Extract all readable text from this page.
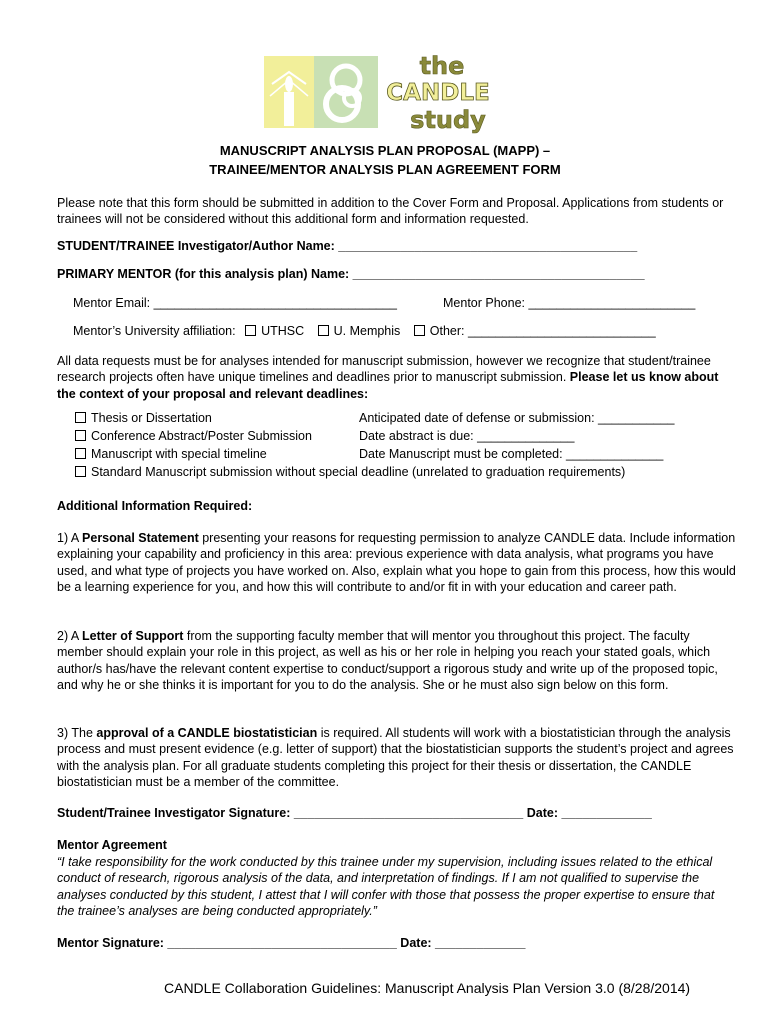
the
CANDLE
study
MANUSCRIPT ANALYSIS PLAN PROPOSAL (MAPP) –
TRAINEE/MENTOR ANALYSIS PLAN AGREEMENT FORM
Please note that this form should be submitted in addition to the Cover Form and Proposal. Applications from students or trainees will not be considered without this additional form and information requested.
STUDENT/TRAINEE Investigator/Author Name: ___________________________________________
PRIMARY MENTOR (for this analysis plan) Name: __________________________________________
Mentor Email: ___________________________________	Mentor Phone: ________________________
Mentor’s University affiliation: UTHSC U. Memphis Other: ___________________________
All data requests must be for analyses intended for manuscript submission, however we recognize that student/trainee research projects often have unique timelines and deadlines prior to manuscript submission. Please let us know about the context of your proposal and relevant deadlines:
Thesis or Dissertation	Anticipated date of defense or submission: ___________
Conference Abstract/Poster Submission	Date abstract is due: ______________
Manuscript with special timeline	Date Manuscript must be completed: ______________
Standard Manuscript submission without special deadline (unrelated to graduation requirements)
Additional Information Required:
1) A Personal Statement presenting your reasons for requesting permission to analyze CANDLE data. Include information explaining your capability and proficiency in this area: previous experience with data analysis, what programs you have used, and what type of projects you have worked on. Also, explain what you hope to gain from this process, how this would be a learning experience for you, and how this will contribute to and/or fit in with your education and career path.
2) A Letter of Support from the supporting faculty member that will mentor you throughout this project. The faculty member should explain your role in this project, as well as his or her role in helping you reach your stated goals, which author/s has/have the relevant content expertise to conduct/support a rigorous study and write up of the proposed topic, and why he or she thinks it is important for you to do the analysis. She or he must also sign below on this form.
3) The approval of a CANDLE biostatistician is required. All students will work with a biostatistician through the analysis process and must present evidence (e.g. letter of support) that the biostatistician supports the student’s project and agrees with the analysis plan. For all graduate students completing this project for their thesis or dissertation, the CANDLE biostatistician must be a member of the committee.
Student/Trainee Investigator Signature: _________________________________ Date: _____________
Mentor Agreement
“I take responsibility for the work conducted by this trainee under my supervision, including issues related to the ethical conduct of research, rigorous analysis of the data, and interpretation of findings. If I am not qualified to supervise the analyses conducted by this student, I attest that I will confer with those that possess the proper expertise to ensure that the trainee’s analyses are being conducted appropriately.”
Mentor Signature: _________________________________ Date: _____________
CANDLE Collaboration Guidelines: Manuscript Analysis Plan Version 3.0 (8/28/2014)
